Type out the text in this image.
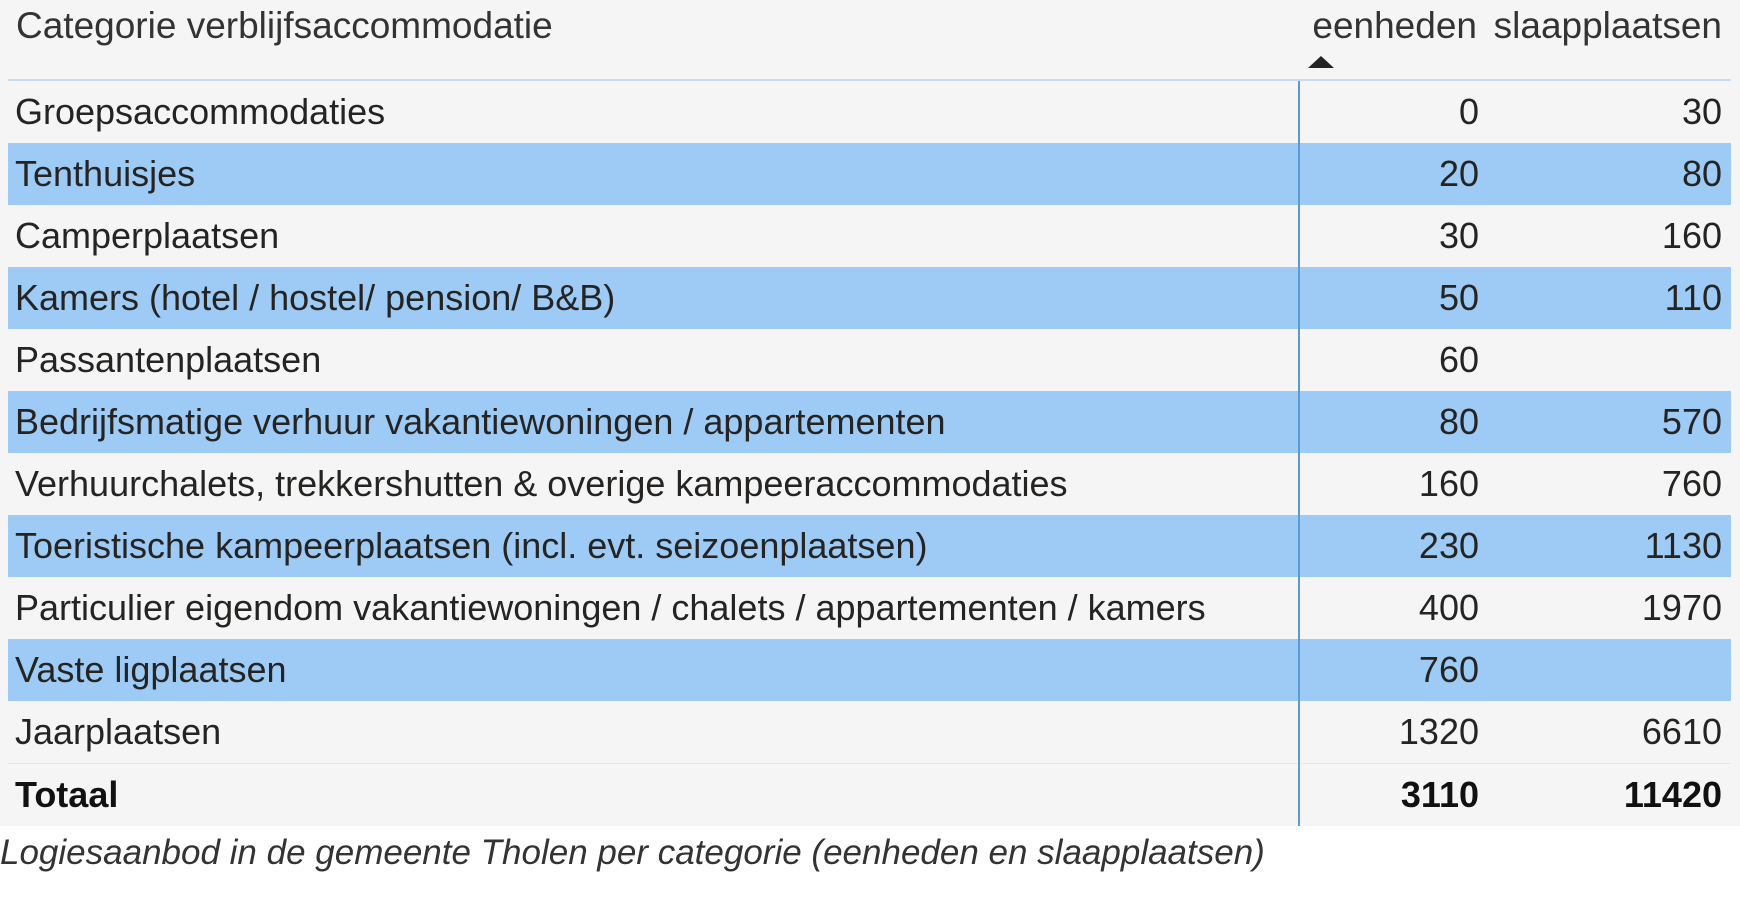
Categorie verblijfsaccommodatie	eenheden slaapplaatsen
Groepsaccommodaties	0	30
Tenthuisjes	20	80
Camperplaatsen	30	160
Kamers (hotel / hostel/ pension/ B&B)	50	110
Passantenplaatsen	60
Bedrijfsmatige verhuur vakantiewoningen / appartementen	80	570
Verhuurchalets, trekkershutten & overige kampeeraccommodaties	160	760
Toeristische kampeerplaatsen (incl. evt. seizoenplaatsen)	230	1130
Particulier eigendom vakantiewoningen / chalets / appartementen / kamers	400	1970
Vaste ligplaatsen	760
Jaarplaatsen	1320	6610
Totaal	3110	11420
Logiesaanbod in de gemeente Tholen per categorie (eenheden en slaapplaatsen)
